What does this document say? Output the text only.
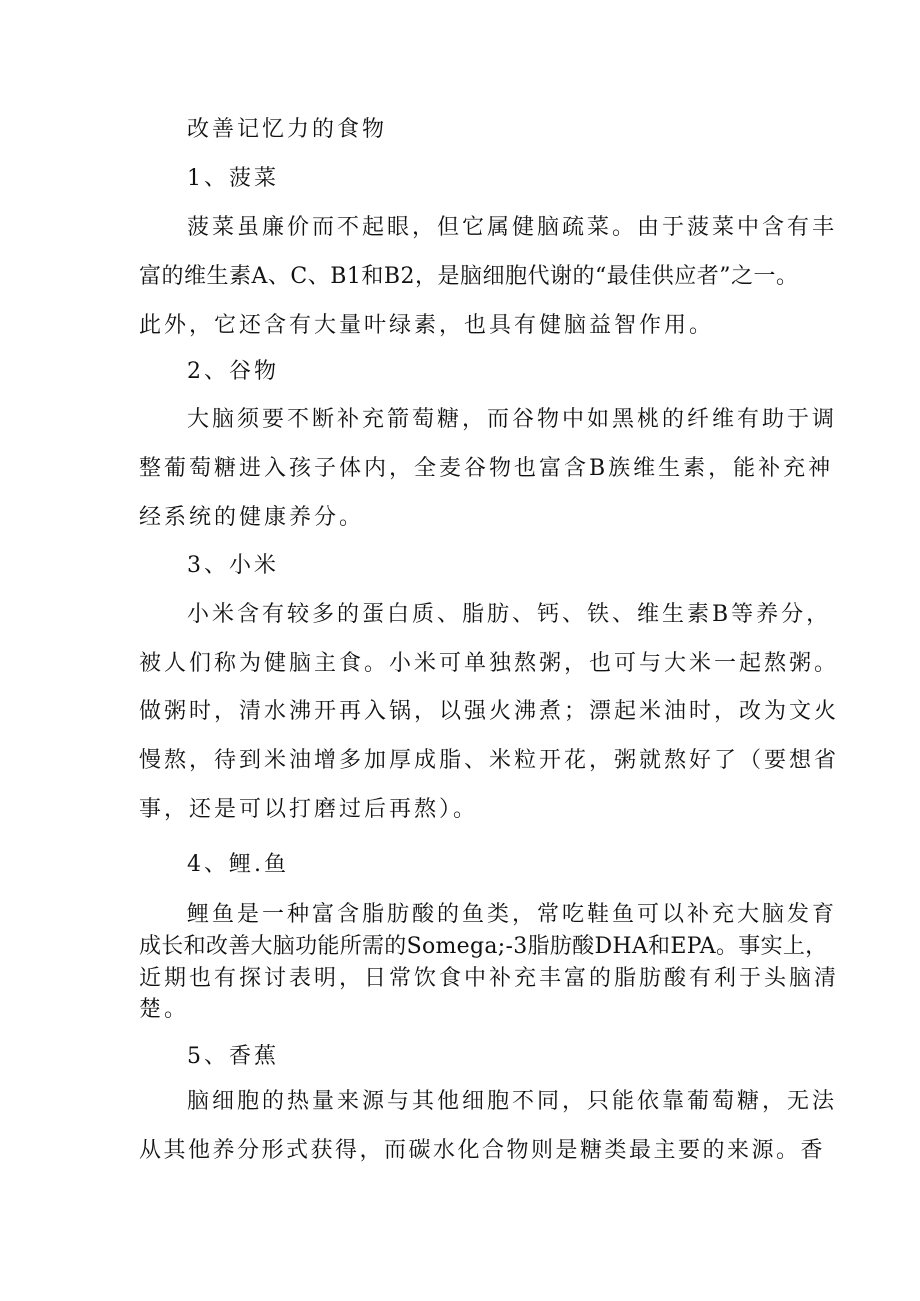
改善记忆力的食物
1、菠菜
菠菜虽廉价而不起眼，但它属健脑疏菜。由于菠菜中含有丰
富的维生素A、C、B1和B2，是脑细胞代谢的“最佳供应者”之一。
此外，它还含有大量叶绿素，也具有健脑益智作用。
2、谷物
大脑须要不断补充箭萄糖，而谷物中如黑桃的纤维有助于调
整葡萄糖进入孩子体内，全麦谷物也富含B族维生素，能补充神
经系统的健康养分。
3、小米
小米含有较多的蛋白质、脂肪、钙、铁、维生素B等养分，
被人们称为健脑主食。小米可单独熬粥，也可与大米一起熬粥。
做粥时，清水沸开再入锅，以强火沸煮；漂起米油时，改为文火
慢熬，待到米油增多加厚成脂、米粒开花，粥就熬好了（要想省
事，还是可以打磨过后再熬）。
4、鲤.鱼
鲤鱼是一种富含脂肪酸的鱼类，常吃鞋鱼可以补充大脑发育
成长和改善大脑功能所需的Somega;-3脂肪酸DHA和EPA。事实上，
近期也有探讨表明，日常饮食中补充丰富的脂肪酸有利于头脑清
楚。
5、香蕉
脑细胞的热量来源与其他细胞不同，只能依靠葡萄糖，无法
从其他养分形式获得，而碳水化合物则是糖类最主要的来源。香
